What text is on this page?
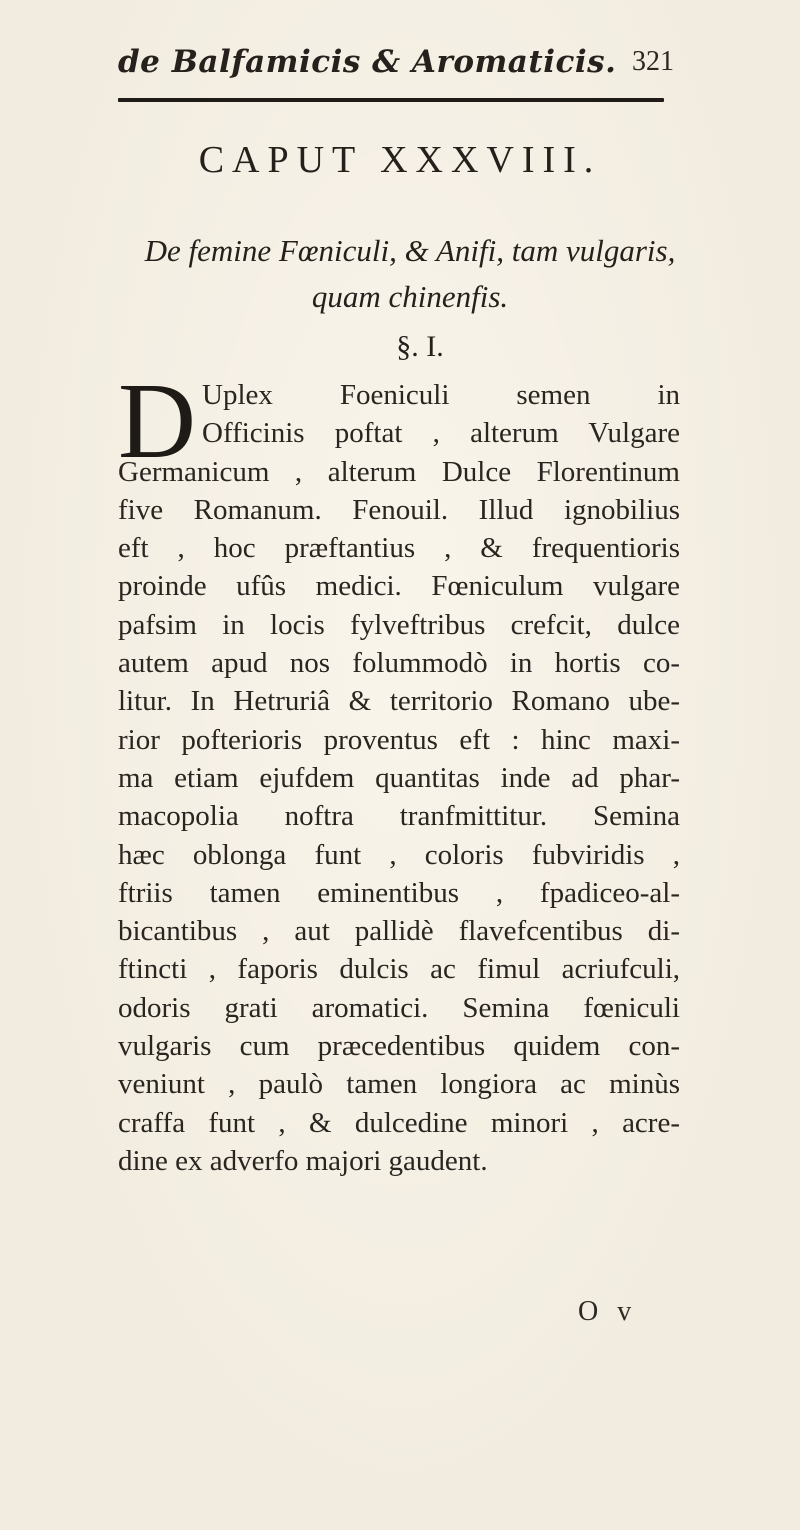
de Balfamicis & Aromaticis. 321
CAPUT XXXVIII.
De femine Fœniculi, & Anifi, tam vulgaris,
quam chinenfis.
§. I.
D Uplex Foeniculi semen in
Officinis poftat , alterum Vulgare
Germanicum , alterum Dulce Florentinum
five Romanum. Fenouil. Illud ignobilius
eft , hoc præftantius , & frequentioris
proinde ufûs medici. Fœniculum vulgare
pafsim in locis fylveftribus crefcit, dulce
autem apud nos folummodò in hortis co-
litur. In Hetruriâ & territorio Romano ube-
rior pofterioris proventus eft : hinc maxi-
ma etiam ejufdem quantitas inde ad phar-
macopolia noftra tranfmittitur. Semina
hæc oblonga funt , coloris fubviridis ,
ftriis tamen eminentibus , fpadiceo-al-
bicantibus , aut pallidè flavefcentibus di-
ftincti , faporis dulcis ac fimul acriufculi,
odoris grati aromatici. Semina fœniculi
vulgaris cum præcedentibus quidem con-
veniunt , paulò tamen longiora ac minùs
craffa funt , & dulcedine minori , acre-
dine ex adverfo majori gaudent.
O v
